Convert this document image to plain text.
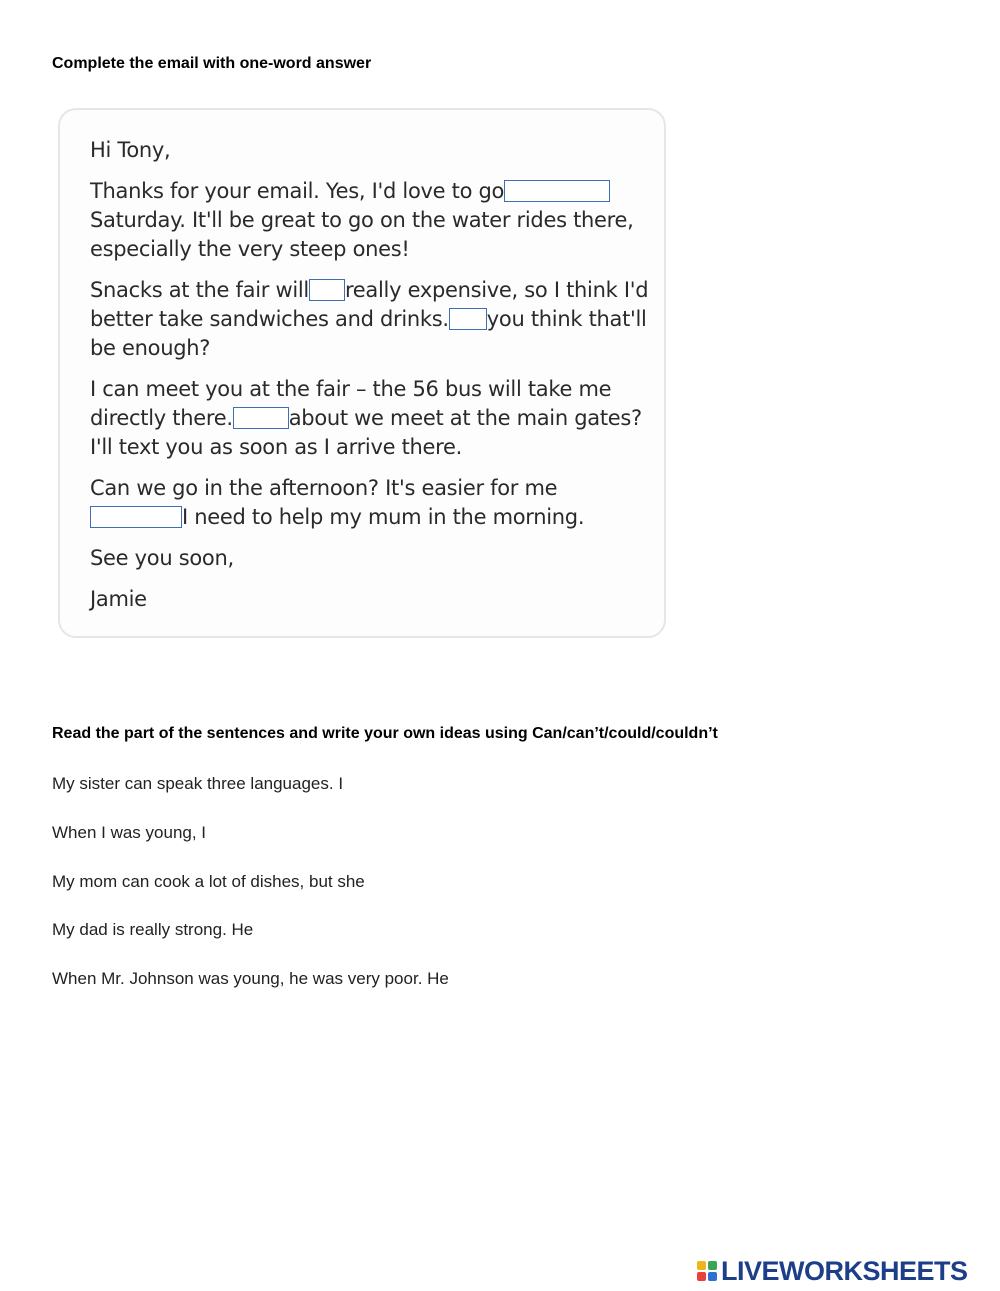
Complete the email with one-word answer

Hi Tony,

Thanks for your email. Yes, I'd love to go Saturday. It'll be great to go on the water rides there, especially the very steep ones!

Snacks at the fair will really expensive, so I think I'd better take sandwiches and drinks. you think that'll be enough?

I can meet you at the fair – the 56 bus will take me directly there.	about we meet at the main gates? I'll text you as soon as I arrive there.

Can we go in the afternoon? It's easier for me I need to help my mum in the morning.

See you soon,

Jamie

Read the part of the sentences and write your own ideas using Can/can’t/could/couldn’t
My sister can speak three languages. I
When I was young, I
My mom can cook a lot of dishes, but she
My dad is really strong. He
When Mr. Johnson was young, he was very poor. He
LIVEWORKSHEETS
